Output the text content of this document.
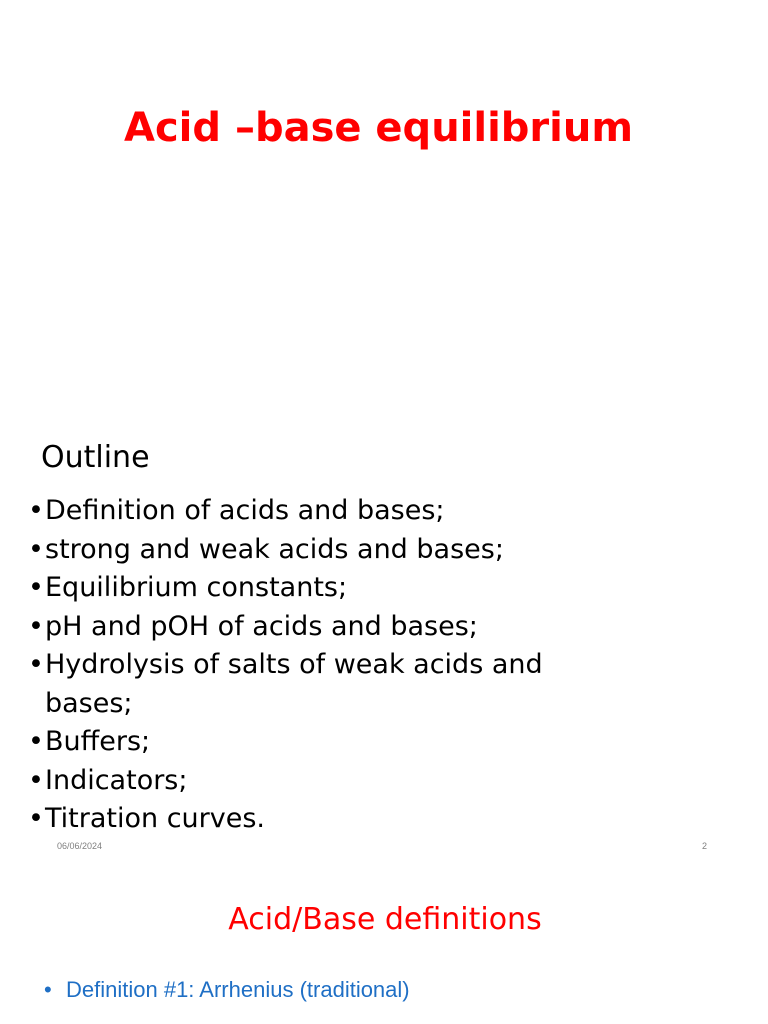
Acid –base equilibrium
Outline
• Definition of acids and bases;
• strong and weak acids and bases;
• Equilibrium constants;
• pH and pOH of acids and bases;
• Hydrolysis of salts of weak acids and bases;
• Buffers;
• Indicators;
• Titration curves.
06/06/2024	2
Acid/Base definitions
• Definition #1: Arrhenius (traditional)
